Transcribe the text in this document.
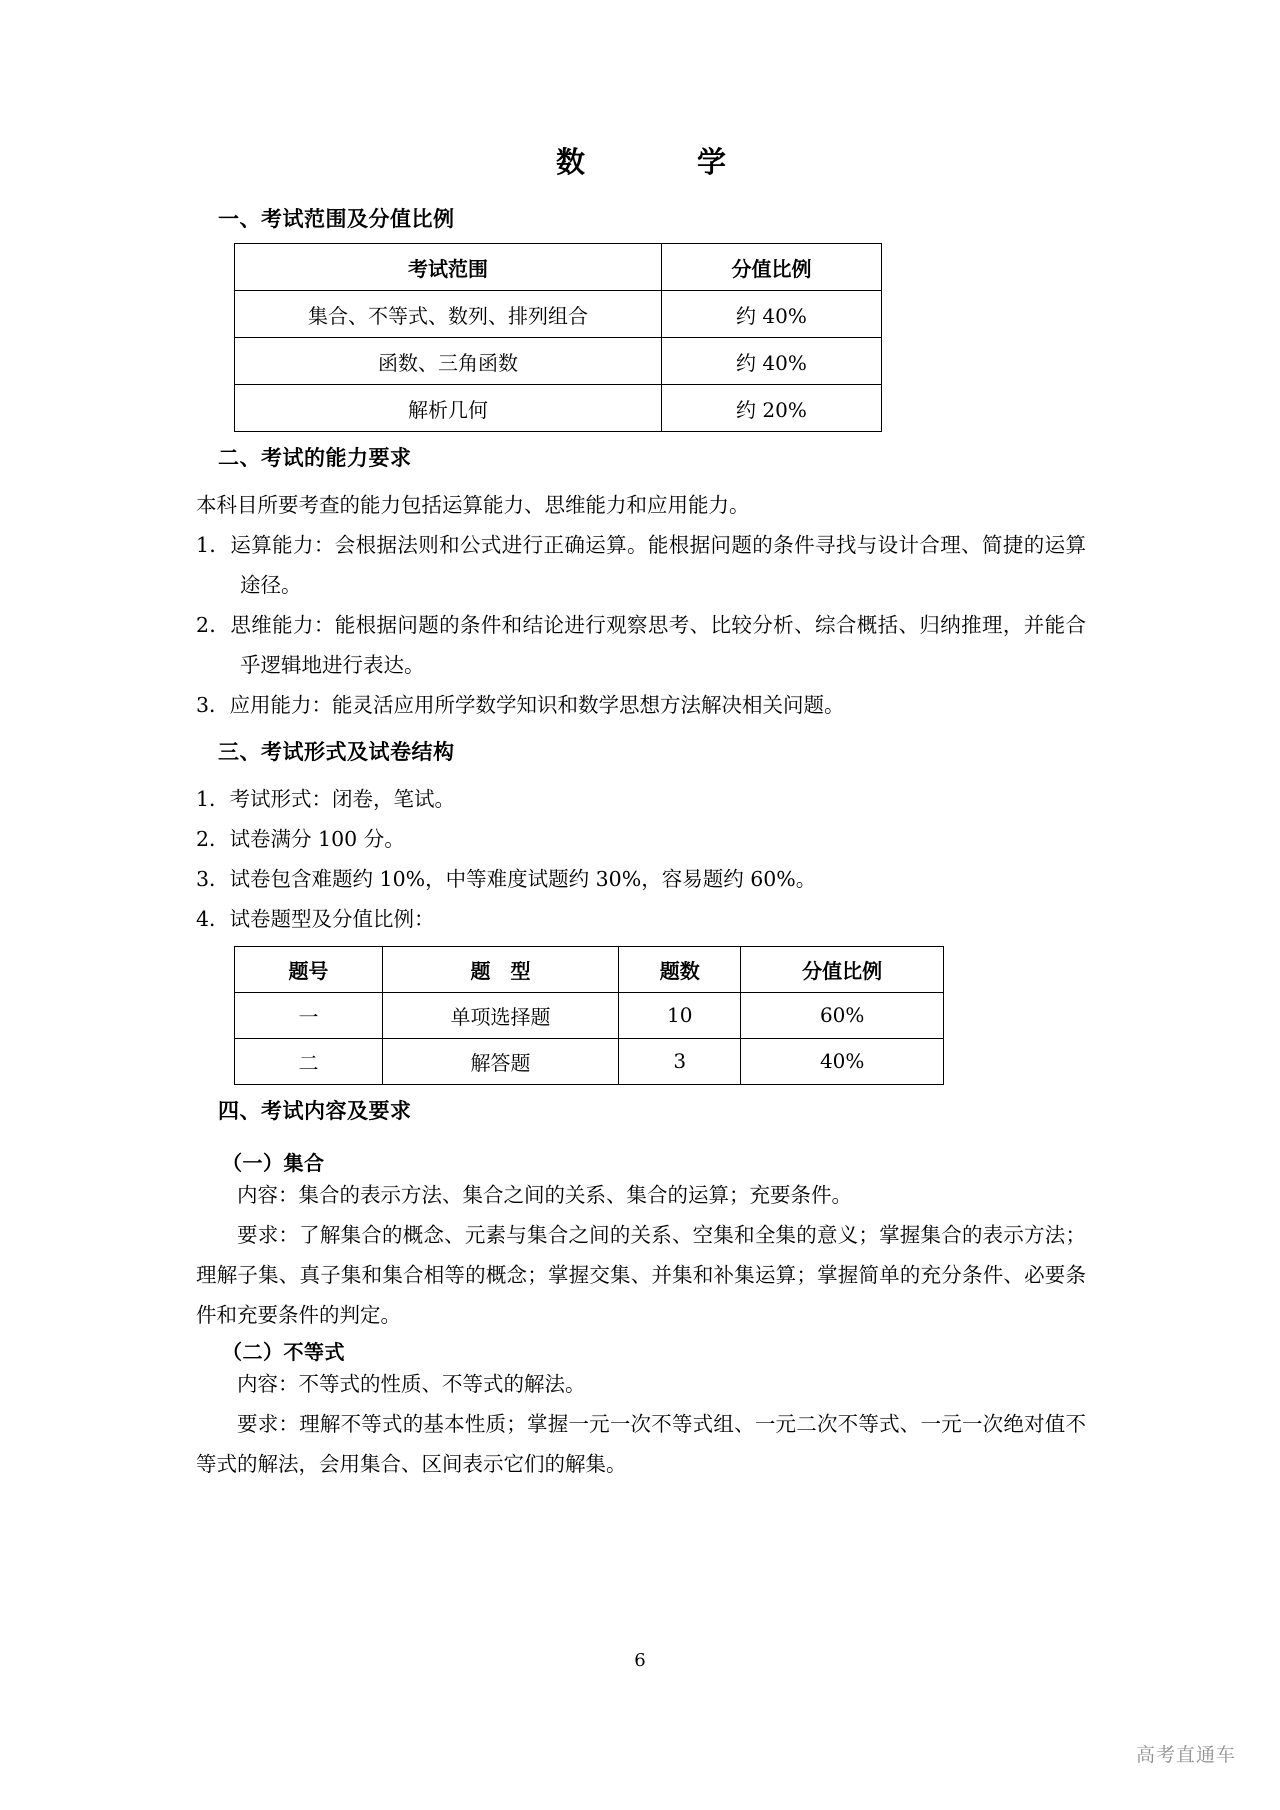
数　　学
一、考试范围及分值比例
考试范围	分值比例
集合、不等式、数列、排列组合	约 40%
函数、三角函数	约 40%
解析几何	约 20%
二、考试的能力要求

本科目所要考查的能力包括运算能力、思维能力和应用能力。

1．运算能力：会根据法则和公式进行正确运算。能根据问题的条件寻找与设计合理、简捷的运算途径。

2．思维能力：能根据问题的条件和结论进行观察思考、比较分析、综合概括、归纳推理，并能合乎逻辑地进行表达。

3．应用能力：能灵活应用所学数学知识和数学思想方法解决相关问题。

三、考试形式及试卷结构

1．考试形式：闭卷，笔试。

2．试卷满分 100 分。

3．试卷包含难题约 10%，中等难度试题约 30%，容易题约 60%。

4．试卷题型及分值比例：

题号	题　型	题数	分值比例
一	单项选择题	10	60%
二	解答题	3	40%
四、考试内容及要求
（一）集合

内容：集合的表示方法、集合之间的关系、集合的运算；充要条件。

要求：了解集合的概念、元素与集合之间的关系、空集和全集的意义；掌握集合的表示方法；理解子集、真子集和集合相等的概念；掌握交集、并集和补集运算；掌握简单的充分条件、必要条件和充要条件的判定。

（二）不等式

内容：不等式的性质、不等式的解法。

要求：理解不等式的基本性质；掌握一元一次不等式组、一元二次不等式、一元一次绝对值不等式的解法，会用集合、区间表示它们的解集。

6
高考直通车
